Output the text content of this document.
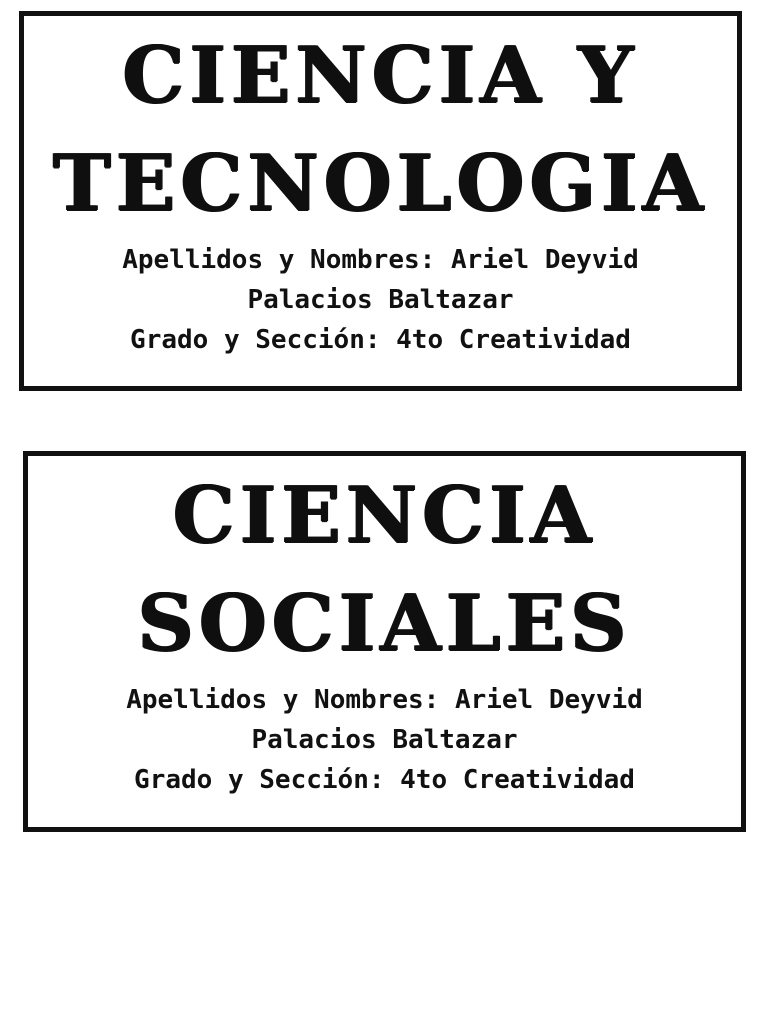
CIENCIA Y
TECNOLOGIA
Apellidos y Nombres: Ariel Deyvid
Palacios Baltazar
Grado y Sección: 4to Creatividad
CIENCIA
SOCIALES
Apellidos y Nombres: Ariel Deyvid
Palacios Baltazar
Grado y Sección: 4to Creatividad
